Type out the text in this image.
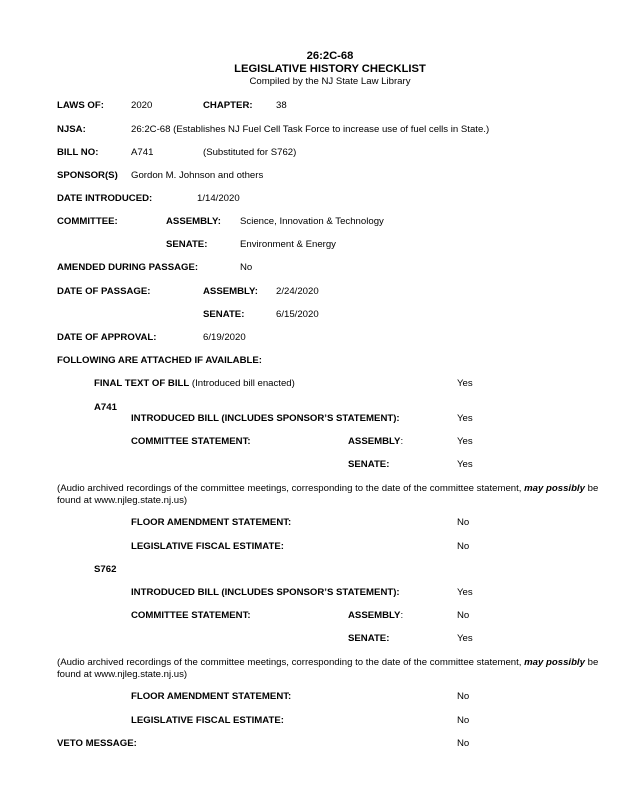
26:2C-68
LEGISLATIVE HISTORY CHECKLIST
Compiled by the NJ State Law Library
LAWS OF:	2020	CHAPTER: 38
NJSA:	26:2C-68 (Establishes NJ Fuel Cell Task Force to increase use of fuel cells in State.)
BILL NO:	A741	(Substituted for S762)
SPONSOR(S) Gordon M. Johnson and others
DATE INTRODUCED:	1/14/2020
COMMITTEE:	ASSEMBLY: Science, Innovation & Technology
SENATE:	Environment & Energy
AMENDED DURING PASSAGE:	No
DATE OF PASSAGE:	ASSEMBLY: 2/24/2020
SENATE:	6/15/2020
DATE OF APPROVAL:	6/19/2020
FOLLOWING ARE ATTACHED IF AVAILABLE:
FINAL TEXT OF BILL (Introduced bill enacted)	Yes
A741
INTRODUCED BILL (INCLUDES SPONSOR’S STATEMENT):	Yes
COMMITTEE STATEMENT:	ASSEMBLY:	Yes
SENATE:	Yes
(Audio archived recordings of the committee meetings, corresponding to the date of the committee statement, may possibly be found at www.njleg.state.nj.us)
FLOOR AMENDMENT STATEMENT:	No
LEGISLATIVE FISCAL ESTIMATE:	No
S762
INTRODUCED BILL (INCLUDES SPONSOR’S STATEMENT):	Yes
COMMITTEE STATEMENT:	ASSEMBLY:	No
SENATE:	Yes
(Audio archived recordings of the committee meetings, corresponding to the date of the committee statement, may possibly be found at www.njleg.state.nj.us)
FLOOR AMENDMENT STATEMENT:	No
LEGISLATIVE FISCAL ESTIMATE:	No
VETO MESSAGE:	No
